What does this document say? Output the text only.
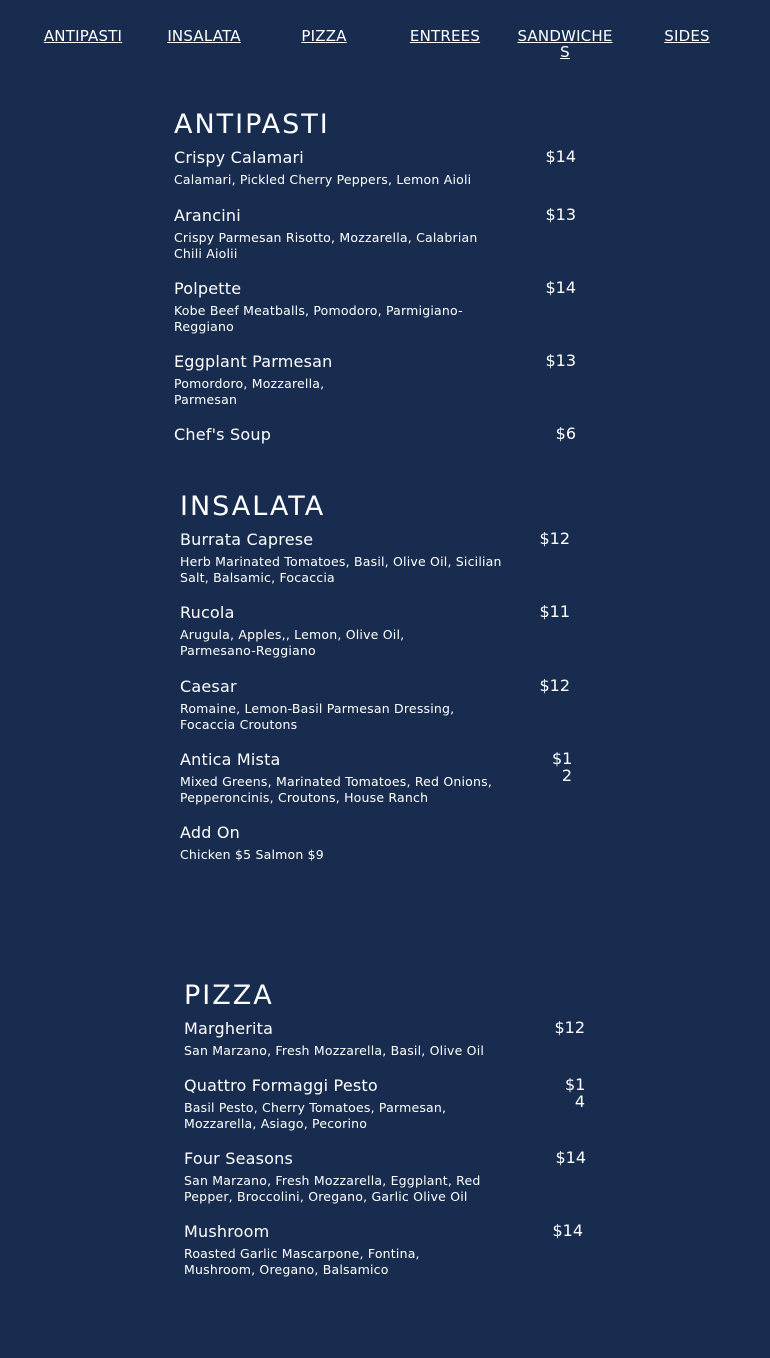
ANTIPASTI	INSALATA	PIZZA	ENTREES	SANDWICHES
SIDES
ANTIPASTI
Crispy Calamari
Calamari, Pickled Cherry Peppers, Lemon Aioli
$14
Arancini
Crispy Parmesan Risotto, Mozzarella, Calabrian Chili Aiolii
$13
Polpette
Kobe Beef Meatballs, Pomodoro, Parmigiano-Reggiano
$14
Eggplant Parmesan
Pomordoro, Mozzarella, Parmesan
$13
Chef's Soup	$6
INSALATA
Burrata Caprese
Herb Marinated Tomatoes, Basil, Olive Oil, Sicilian Salt, Balsamic, Focaccia
$12
Rucola
Arugula, Apples,, Lemon, Olive Oil, Parmesano-Reggiano
$11
Caesar
Romaine, Lemon-Basil Parmesan Dressing, Focaccia Croutons
$12
Antica Mista
Mixed Greens, Marinated Tomatoes, Red Onions, Pepperoncinis, Croutons, House Ranch
$12
Add On
Chicken $5 Salmon $9
PIZZA
Margherita
San Marzano, Fresh Mozzarella, Basil, Olive Oil
$12
Quattro Formaggi Pesto
Basil Pesto, Cherry Tomatoes, Parmesan, Mozzarella, Asiago, Pecorino
$14
Four Seasons
San Marzano, Fresh Mozzarella, Eggplant, Red Pepper, Broccolini, Oregano, Garlic Olive Oil
$14
Mushroom
Roasted Garlic Mascarpone, Fontina, Mushroom, Oregano, Balsamico
$14
